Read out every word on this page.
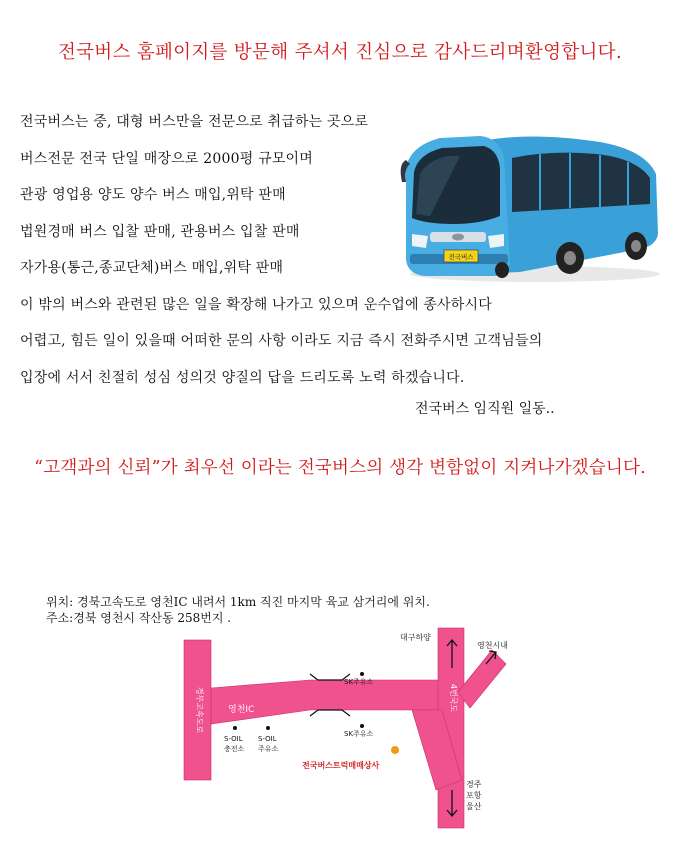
전국버스 홈페이지를 방문해 주셔서 진심으로 감사드리며환영합니다.
전국버스는 중, 대형 버스만을 전문으로 취급하는 곳으로
버스전문 전국 단일 매장으로 2000평 규모이며
관광 영업용 양도 양수 버스 매입,위탁 판매
법원경매 버스 입찰 판매, 관용버스 입찰 판매
자가용(통근,종교단체)버스 매입,위탁 판매
이 밖의 버스와 관련된 많은 일을 확장해 나가고 있으며 운수업에 종사하시다
어렵고, 힘든 일이 있을때 어떠한 문의 사항 이라도 지금 즉시 전화주시면 고객님들의
입장에 서서 친절히 성심 성의것 양질의 답을 드리도록 노력 하겠습니다.
전국버스
전국버스 임직원 일동..
“고객과의 신뢰”가 최우선 이라는 전국버스의 생각 변함없이 지켜나가겠습니다.
위치: 경북고속도로 영천IC 내려서 1km 직진 마지막 육교 삼거리에 위치.
주소:경북 영천시 작산동 258번지 .
경부고속도로	영천IC
대구하양
영천시내
4번국도
SK주유소
SK주유소
S-OIL
충전소
S-OIL
주유소
전국버스트럭매매상사
경주
포항
울산
